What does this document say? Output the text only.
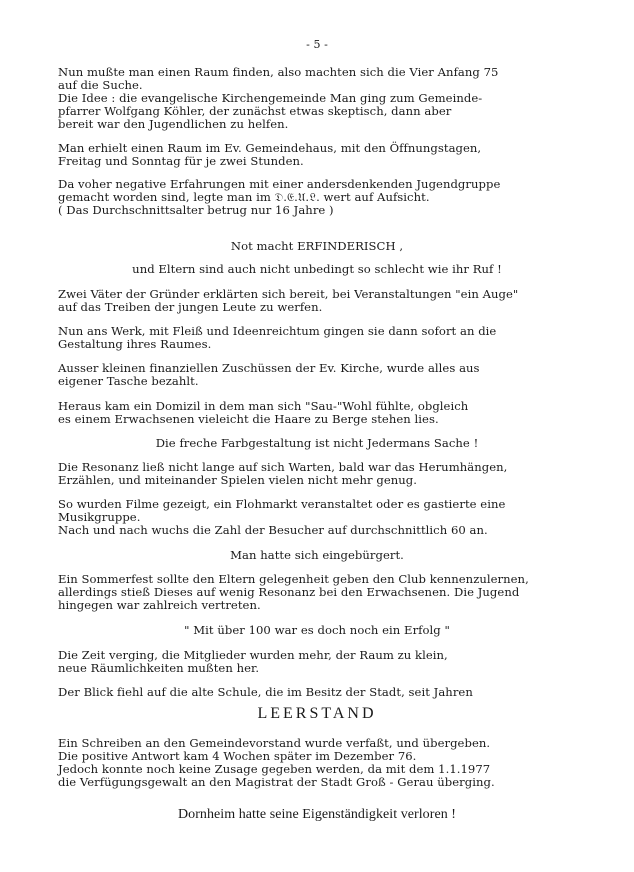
- 5 -
Nun mußte man einen Raum finden, also machten sich die Vier Anfang 75
auf die Suche.
Die Idee : die evangelische Kirchengemeinde Man ging zum Gemeinde-
pfarrer Wolfgang Köhler, der zunächst etwas skeptisch, dann aber
bereit war den Jugendlichen zu helfen.
Man erhielt einen Raum im Ev. Gemeindehaus, mit den Öffnungstagen,
Freitag und Sonntag für je zwei Stunden.
Da voher negative Erfahrungen mit einer andersdenkenden Jugendgruppe
gemacht worden sind, legte man im 𝔇.𝔈.𝔘.𝔏. wert auf Aufsicht.
( Das Durchschnittsalter betrug nur 16 Jahre )
Not macht ERFINDERISCH ,
und Eltern sind auch nicht unbedingt so schlecht wie ihr Ruf !
Zwei Väter der Gründer erklärten sich bereit, bei Veranstaltungen "ein Auge"
auf das Treiben der jungen Leute zu werfen.
Nun ans Werk, mit Fleiß und Ideenreichtum gingen sie dann sofort an die
Gestaltung ihres Raumes.
Ausser kleinen finanziellen Zuschüssen der Ev. Kirche, wurde alles aus
eigener Tasche bezahlt.
Heraus kam ein Domizil in dem man sich "Sau-"Wohl fühlte, obgleich
es einem Erwachsenen vieleicht die Haare zu Berge stehen lies.
Die freche Farbgestaltung ist nicht Jedermans Sache !
Die Resonanz ließ nicht lange auf sich Warten, bald war das Herumhängen,
Erzählen, und miteinander Spielen vielen nicht mehr genug.
So wurden Filme gezeigt, ein Flohmarkt veranstaltet oder es gastierte eine
Musikgruppe.
Nach und nach wuchs die Zahl der Besucher auf durchschnittlich 60 an.
Man hatte sich eingebürgert.
Ein Sommerfest sollte den Eltern gelegenheit geben den Club kennenzulernen,
allerdings stieß Dieses auf wenig Resonanz bei den Erwachsenen. Die Jugend
hingegen war zahlreich vertreten.
" Mit über 100 war es doch noch ein Erfolg "
Die Zeit verging, die Mitglieder wurden mehr, der Raum zu klein,
neue Räumlichkeiten mußten her.
Der Blick fiehl auf die alte Schule, die im Besitz der Stadt, seit Jahren
LEERSTAND
Ein Schreiben an den Gemeindevorstand wurde verfaßt, und übergeben.
Die positive Antwort kam 4 Wochen später im Dezember 76.
Jedoch konnte noch keine Zusage gegeben werden, da mit dem 1.1.1977
die Verfügungsgewalt an den Magistrat der Stadt Groß - Gerau überging.
Dornheim hatte seine Eigenständigkeit verloren !
